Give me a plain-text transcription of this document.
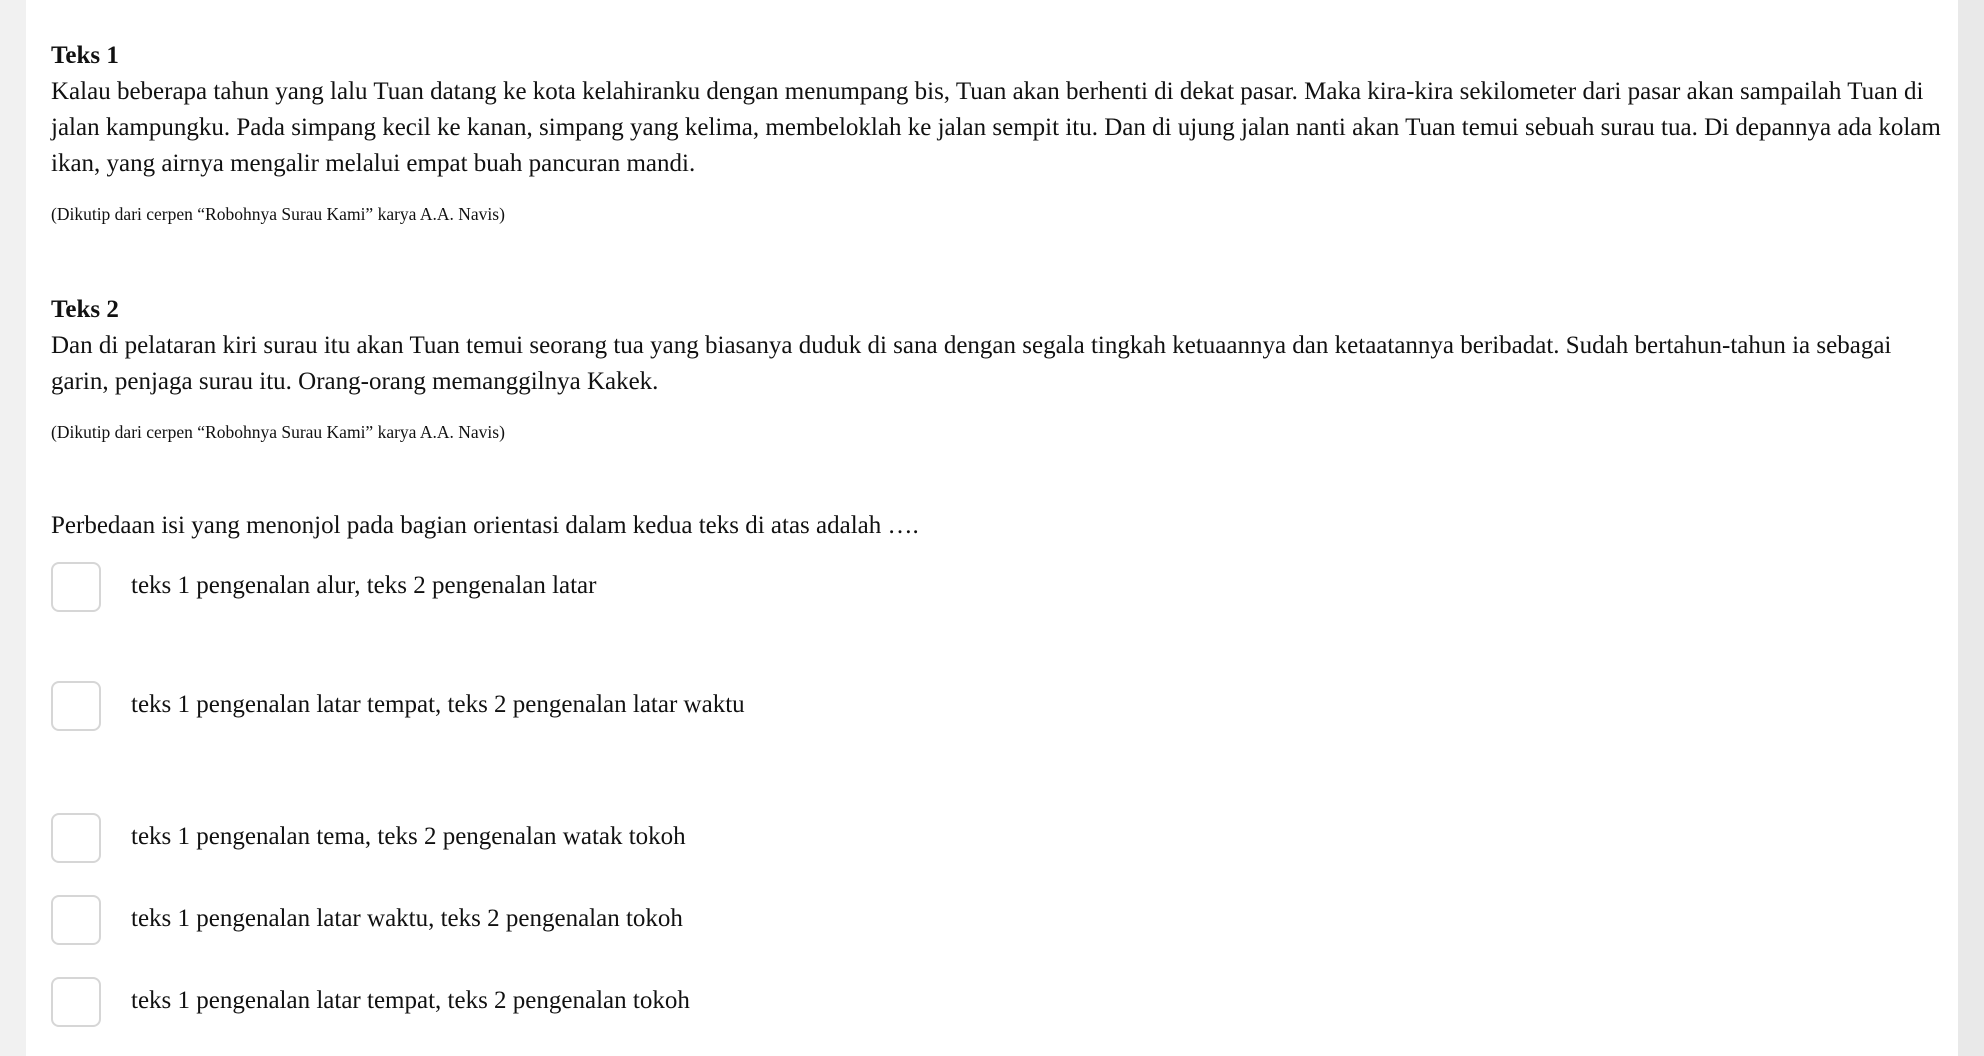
Teks 1

Kalau beberapa tahun yang lalu Tuan datang ke kota kelahiranku dengan menumpang bis, Tuan akan berhenti di dekat pasar. Maka kira-kira sekilometer dari pasar akan sampailah Tuan di jalan kampungku. Pada simpang kecil ke kanan, simpang yang kelima, membeloklah ke jalan sempit itu. Dan di ujung jalan nanti akan Tuan temui sebuah surau tua. Di depannya ada kolam ikan, yang airnya mengalir melalui empat buah pancuran mandi.

(Dikutip dari cerpen “Robohnya Surau Kami” karya A.A. Navis)

Teks 2

Dan di pelataran kiri surau itu akan Tuan temui seorang tua yang biasanya duduk di sana dengan segala tingkah ketuaannya dan ketaatannya beribadat. Sudah bertahun-tahun ia sebagai garin, penjaga surau itu. Orang-orang memanggilnya Kakek.

(Dikutip dari cerpen “Robohnya Surau Kami” karya A.A. Navis)

Perbedaan isi yang menonjol pada bagian orientasi dalam kedua teks di atas adalah ….

teks 1 pengenalan alur, teks 2 pengenalan latar
teks 1 pengenalan latar tempat, teks 2 pengenalan latar waktu
teks 1 pengenalan tema, teks 2 pengenalan watak tokoh
teks 1 pengenalan latar waktu, teks 2 pengenalan tokoh
teks 1 pengenalan latar tempat, teks 2 pengenalan tokoh
